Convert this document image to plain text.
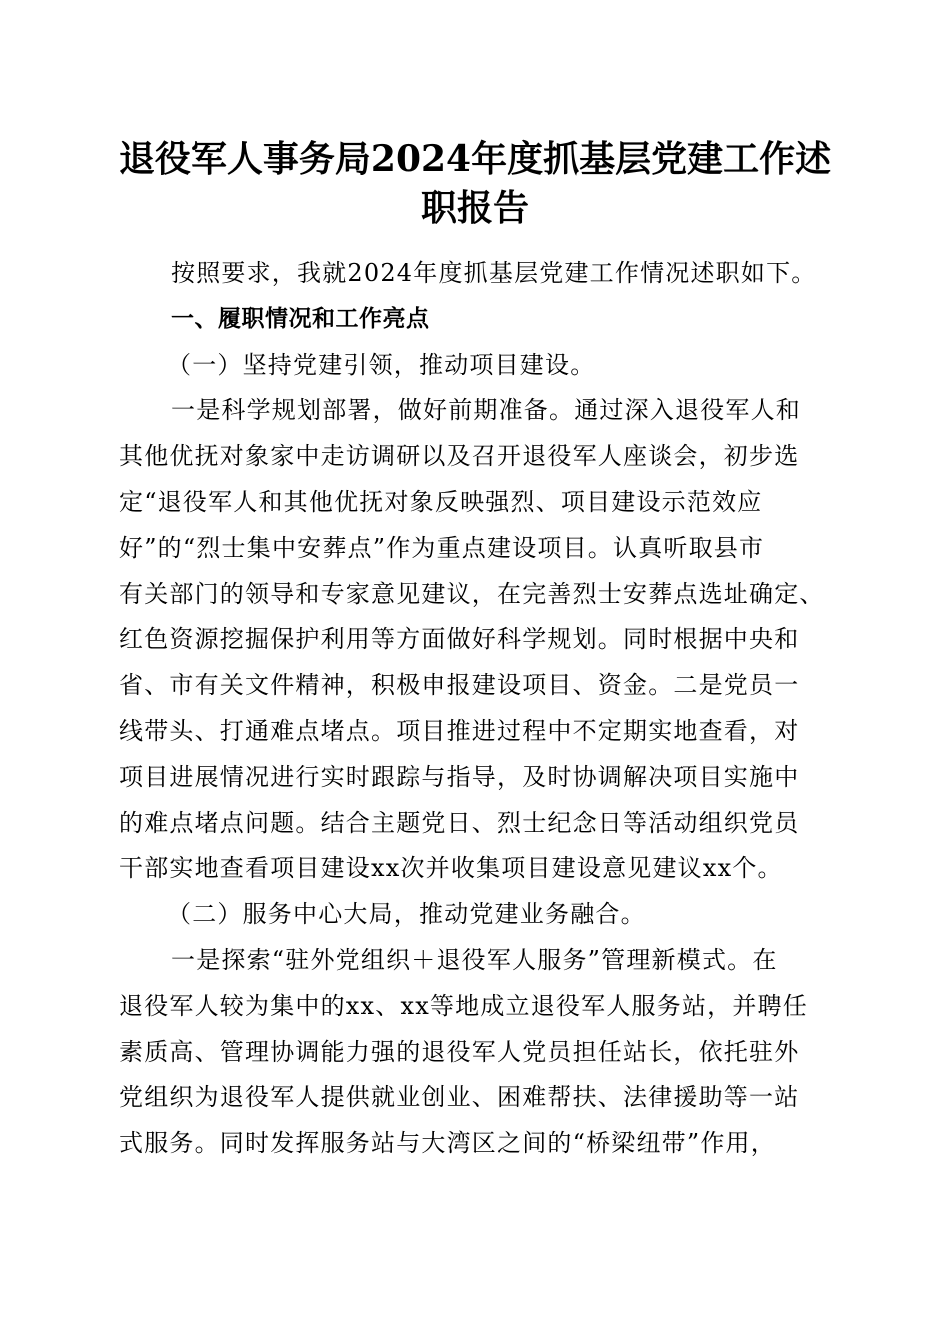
退役军人事务局2024年度抓基层党建工作述
职报告

按照要求，我就2024年度抓基层党建工作情况述职如下。

一、履职情况和工作亮点

（一）坚持党建引领，推动项目建设。

一是科学规划部署，做好前期准备。通过深入退役军人和
其他优抚对象家中走访调研以及召开退役军人座谈会，初步选
定“退役军人和其他优抚对象反映强烈、项目建设示范效应
好”的“烈士集中安葬点”作为重点建设项目。认真听取县市
有关部门的领导和专家意见建议，在完善烈士安葬点选址确定、
红色资源挖掘保护利用等方面做好科学规划。同时根据中央和
省、市有关文件精神，积极申报建设项目、资金。二是党员一
线带头、打通难点堵点。项目推进过程中不定期实地查看，对
项目进展情况进行实时跟踪与指导，及时协调解决项目实施中
的难点堵点问题。结合主题党日、烈士纪念日等活动组织党员
干部实地查看项目建设xx次并收集项目建设意见建议xx个。

（二）服务中心大局，推动党建业务融合。

一是探索“驻外党组织＋退役军人服务”管理新模式。在
退役军人较为集中的xx、xx等地成立退役军人服务站，并聘任
素质高、管理协调能力强的退役军人党员担任站长，依托驻外
党组织为退役军人提供就业创业、困难帮扶、法律援助等一站
式服务。同时发挥服务站与大湾区之间的“桥梁纽带”作用，
